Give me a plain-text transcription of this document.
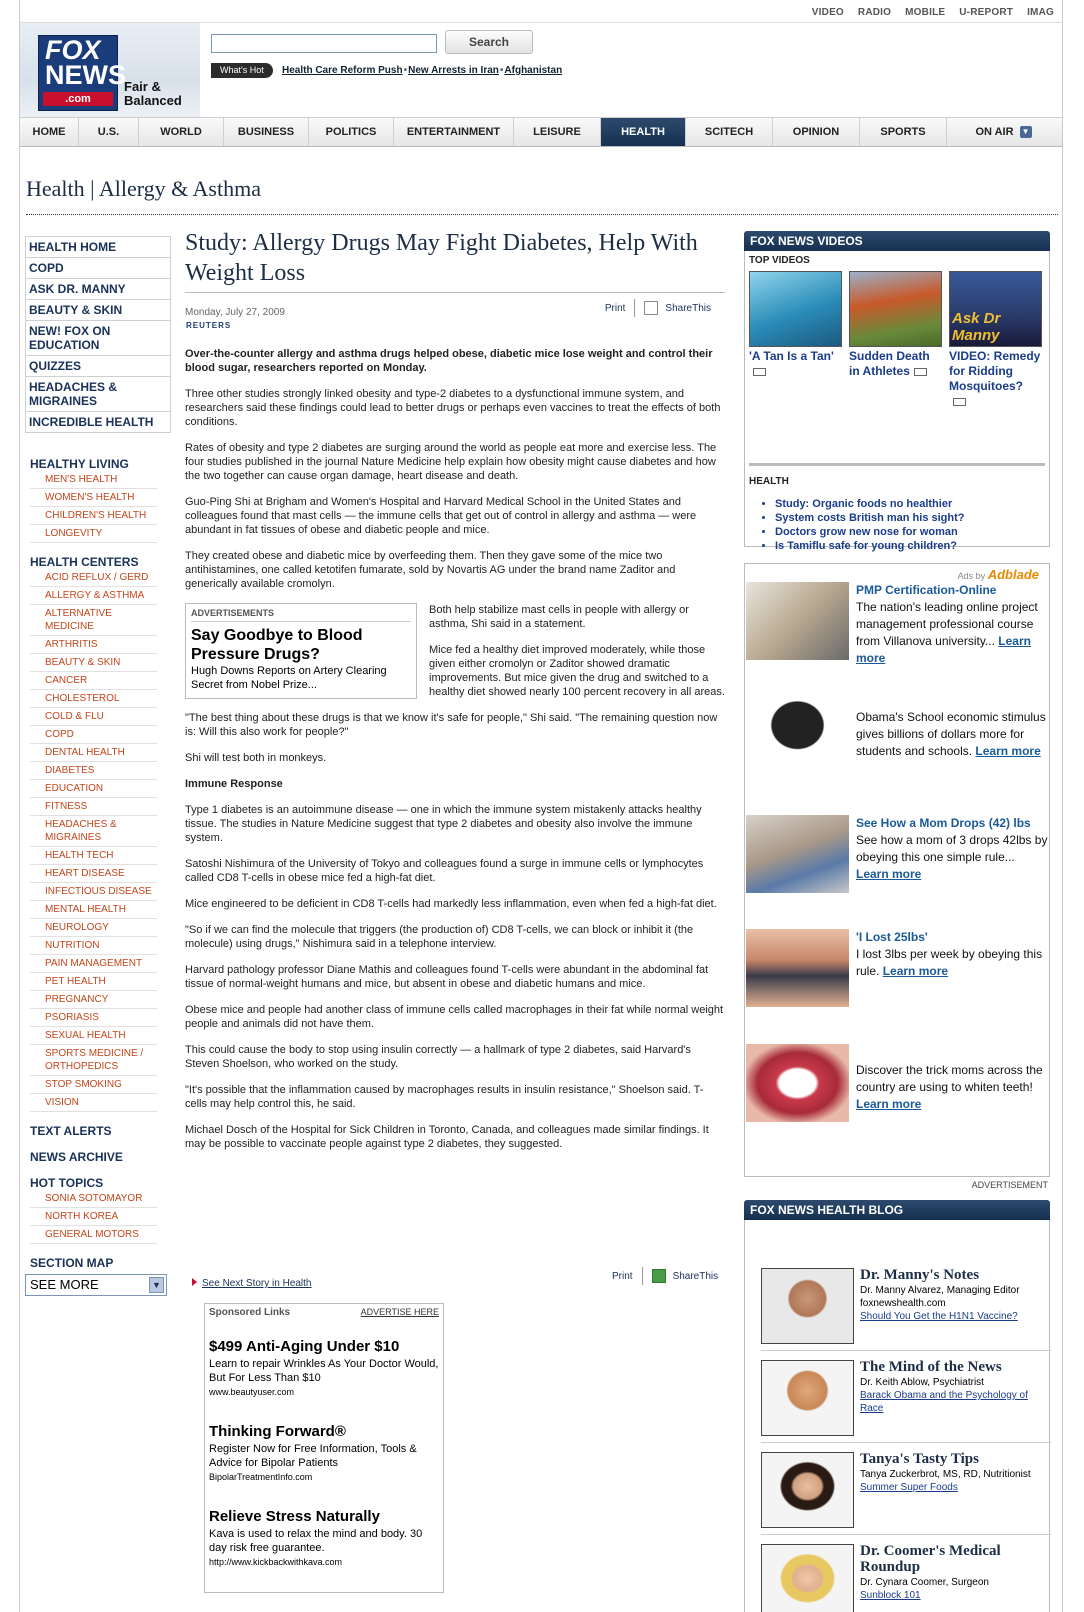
VIDEO RADIO MOBILE U-REPORT IMAG
FOX
NEWS
.com
Fair &
Balanced
Search
What's Hot	Health Care Reform Push•New Arrests in Iran•Afghanistan
HOME	U.S.	WORLD	BUSINESS	POLITICS	ENTERTAINMENT	LEISURE	HEALTH	SCITECH	OPINION	SPORTS	ON AIR ▼
Health | Allergy & Asthma
HEALTH HOME
COPD
ASK DR. MANNY
BEAUTY & SKIN
NEW! FOX ON EDUCATION
QUIZZES
HEADACHES & MIGRAINES
INCREDIBLE HEALTH
HEALTHY LIVING
MEN'S HEALTH
WOMEN'S HEALTH
CHILDREN'S HEALTH
LONGEVITY
HEALTH CENTERS
ACID REFLUX / GERD
ALLERGY & ASTHMA
ALTERNATIVE MEDICINE
ARTHRITIS
BEAUTY & SKIN
CANCER
CHOLESTEROL
COLD & FLU
COPD
DENTAL HEALTH
DIABETES
EDUCATION
FITNESS
HEADACHES & MIGRAINES
HEALTH TECH
HEART DISEASE
INFECTIOUS DISEASE
MENTAL HEALTH
NEUROLOGY
NUTRITION
PAIN MANAGEMENT
PET HEALTH
PREGNANCY
PSORIASIS
SEXUAL HEALTH
SPORTS MEDICINE / ORTHOPEDICS
STOP SMOKING
VISION
TEXT ALERTS
NEWS ARCHIVE
HOT TOPICS
SONIA SOTOMAYOR
NORTH KOREA
GENERAL MOTORS
SECTION MAP
SEE MORE	▼
Study: Allergy Drugs May Fight Diabetes, Help With Weight Loss
Monday, July 27, 2009
REUTERS
Print	ShareThis

Over-the-counter allergy and asthma drugs helped obese, diabetic mice lose weight and control their blood sugar, researchers reported on Monday.

Three other studies strongly linked obesity and type-2 diabetes to a dysfunctional immune system, and researchers said these findings could lead to better drugs or perhaps even vaccines to treat the effects of both conditions.

Rates of obesity and type 2 diabetes are surging around the world as people eat more and exercise less. The four studies published in the journal Nature Medicine help explain how obesity might cause diabetes and how the two together can cause organ damage, heart disease and death.

Guo-Ping Shi at Brigham and Women's Hospital and Harvard Medical School in the United States and colleagues found that mast cells — the immune cells that get out of control in allergy and asthma — were abundant in fat tissues of obese and diabetic people and mice.

They created obese and diabetic mice by overfeeding them. Then they gave some of the mice two antihistamines, one called ketotifen fumarate, sold by Novartis AG under the brand name Zaditor and generically available cromolyn.

ADVERTISEMENTS
Say Goodbye to Blood Pressure Drugs?
Hugh Downs Reports on Artery Clearing Secret from Nobel Prize...

Both help stabilize mast cells in people with allergy or asthma, Shi said in a statement.

Mice fed a healthy diet improved moderately, while those given either cromolyn or Zaditor showed dramatic improvements. But mice given the drug and switched to a healthy diet showed nearly 100 percent recovery in all areas.

"The best thing about these drugs is that we know it's safe for people," Shi said. "The remaining question now is: Will this also work for people?"

Shi will test both in monkeys.

Immune Response

Type 1 diabetes is an autoimmune disease — one in which the immune system mistakenly attacks healthy tissue. The studies in Nature Medicine suggest that type 2 diabetes and obesity also involve the immune system.

Satoshi Nishimura of the University of Tokyo and colleagues found a surge in immune cells or lymphocytes called CD8 T-cells in obese mice fed a high-fat diet.

Mice engineered to be deficient in CD8 T-cells had markedly less inflammation, even when fed a high-fat diet.

"So if we can find the molecule that triggers (the production of) CD8 T-cells, we can block or inhibit it (the molecule) using drugs," Nishimura said in a telephone interview.

Harvard pathology professor Diane Mathis and colleagues found T-cells were abundant in the abdominal fat tissue of normal-weight humans and mice, but absent in obese and diabetic humans and mice.

Obese mice and people had another class of immune cells called macrophages in their fat while normal weight people and animals did not have them.

This could cause the body to stop using insulin correctly — a hallmark of type 2 diabetes, said Harvard's Steven Shoelson, who worked on the study.

"It's possible that the inflammation caused by macrophages results in insulin resistance," Shoelson said. T-cells may help control this, he said.

Michael Dosch of the Hospital for Sick Children in Toronto, Canada, and colleagues made similar findings. It may be possible to vaccinate people against type 2 diabetes, they suggested.

Print	ShareThis
See Next Story in Health
Sponsored Links	ADVERTISE HERE
$499 Anti-Aging Under $10
Learn to repair Wrinkles As Your Doctor Would, But For Less Than $10
www.beautyuser.com
Thinking Forward®
Register Now for Free Information, Tools & Advice for Bipolar Patients
BipolarTreatmentInfo.com
Relieve Stress Naturally
Kava is used to relax the mind and body. 30 day risk free guarantee.
http://www.kickbackwithkava.com
FOX NEWS VIDEOS
TOP VIDEOS
'A Tan Is a Tan'	Sudden Death in Athletes
Ask Dr Manny
VIDEO: Remedy for Ridding Mosquitoes?

HEALTH
• Study: Organic foods no healthier
• System costs British man his sight?
• Doctors grow new nose for woman
• Is Tamiflu safe for young children?
Ads by Adblade
PMP Certification-Online
The nation's leading online project management professional course from Villanova university... Learn more
Obama's School economic stimulus gives billions of dollars more for students and schools. Learn more
See How a Mom Drops (42) lbs
See how a mom of 3 drops 42lbs by obeying this one simple rule... Learn more
'I Lost 25lbs'
I lost 3lbs per week by obeying this rule. Learn more
Discover the trick moms across the country are using to whiten teeth! Learn more
ADVERTISEMENT
FOX NEWS HEALTH BLOG
Dr. Manny's Notes
Dr. Manny Alvarez, Managing Editor foxnewshealth.com
Should You Get the H1N1 Vaccine?
The Mind of the News
Dr. Keith Ablow, Psychiatrist
Barack Obama and the Psychology of Race
Tanya's Tasty Tips
Tanya Zuckerbrot, MS, RD, Nutritionist
Summer Super Foods
Dr. Coomer's Medical Roundup
Dr. Cynara Coomer, Surgeon
Sunblock 101
